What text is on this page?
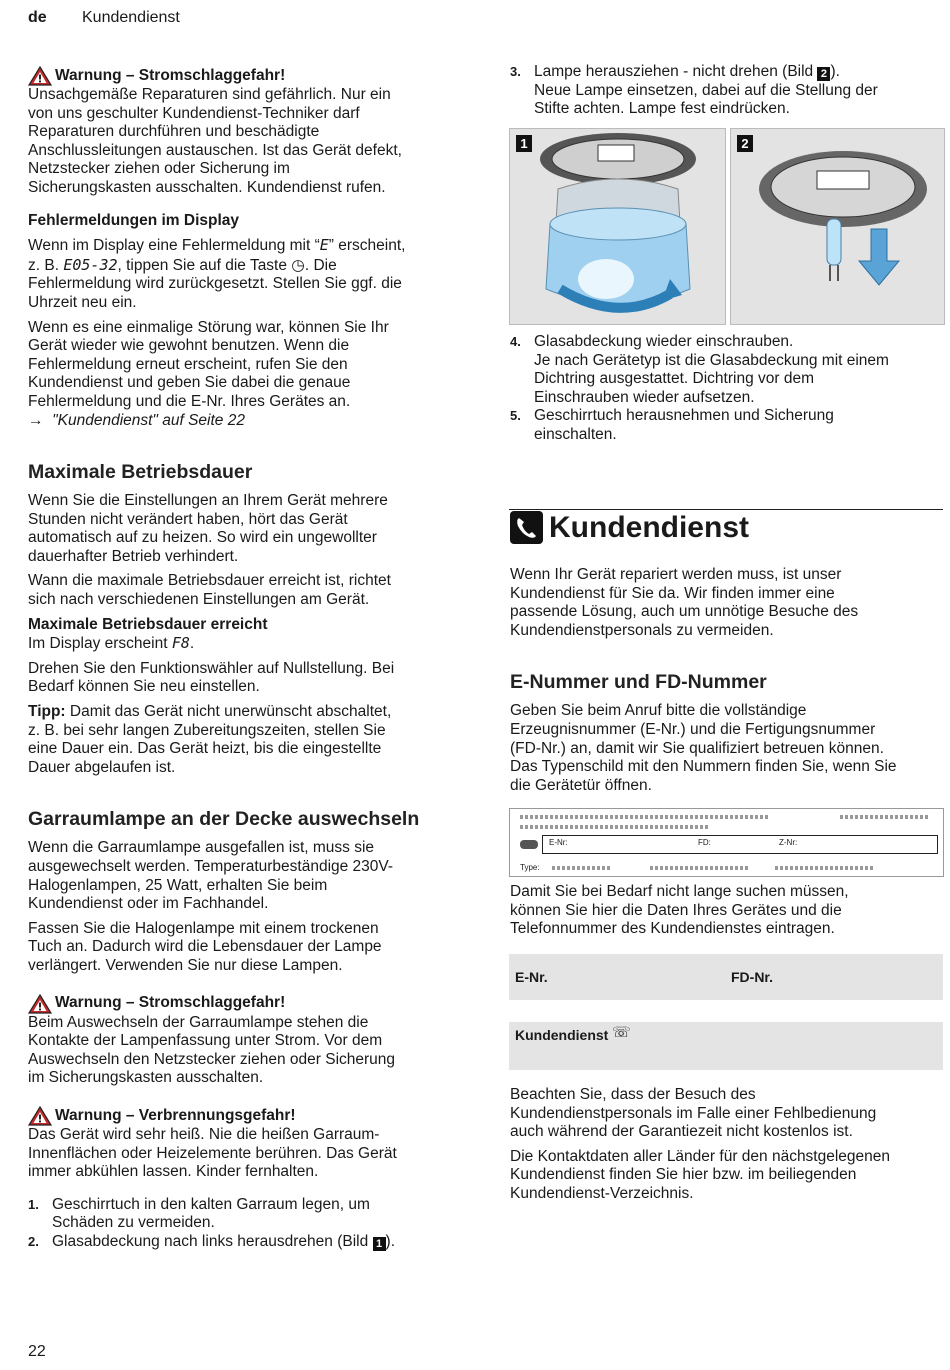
de Kundendienst
Warnung – Stromschlaggefahr!

Unsachgemäße Reparaturen sind gefährlich. Nur ein

von uns geschulter Kundendienst-Techniker darf

Reparaturen durchführen und beschädigte

Anschlussleitungen austauschen. Ist das Gerät defekt,

Netzstecker ziehen oder Sicherung im

Sicherungskasten ausschalten. Kundendienst rufen.

Fehlermeldungen im Display

Wenn im Display eine Fehlermeldung mit “E” erscheint,

z. B. E05-32, tippen Sie auf die Taste ◷. Die

Fehlermeldung wird zurückgesetzt. Stellen Sie ggf. die

Uhrzeit neu ein.

Wenn es eine einmalige Störung war, können Sie Ihr

Gerät wieder wie gewohnt benutzen. Wenn die

Fehlermeldung erneut erscheint, rufen Sie den

Kundendienst und geben Sie dabei die genaue

Fehlermeldung und die E-Nr. Ihres Gerätes an.

→ "Kundendienst" auf Seite 22

Maximale Betriebsdauer

Wenn Sie die Einstellungen an Ihrem Gerät mehrere

Stunden nicht verändert haben, hört das Gerät

automatisch auf zu heizen. So wird ein ungewollter

dauerhafter Betrieb verhindert.

Wann die maximale Betriebsdauer erreicht ist, richtet

sich nach verschiedenen Einstellungen am Gerät.

Maximale Betriebsdauer erreicht

Im Display erscheint F8.

Drehen Sie den Funktionswähler auf Nullstellung. Bei

Bedarf können Sie neu einstellen.

Tipp: Damit das Gerät nicht unerwünscht abschaltet,

z. B. bei sehr langen Zubereitungszeiten, stellen Sie

eine Dauer ein. Das Gerät heizt, bis die eingestellte

Dauer abgelaufen ist.

Garraumlampe an der Decke auswechseln

Wenn die Garraumlampe ausgefallen ist, muss sie

ausgewechselt werden. Temperaturbeständige 230V-

Halogenlampen, 25 Watt, erhalten Sie beim

Kundendienst oder im Fachhandel.

Fassen Sie die Halogenlampe mit einem trockenen

Tuch an. Dadurch wird die Lebensdauer der Lampe

verlängert. Verwenden Sie nur diese Lampen.

Warnung – Stromschlaggefahr!

Beim Auswechseln der Garraumlampe stehen die

Kontakte der Lampenfassung unter Strom. Vor dem

Auswechseln den Netzstecker ziehen oder Sicherung

im Sicherungskasten ausschalten.

Warnung – Verbrennungsgefahr!

Das Gerät wird sehr heiß. Nie die heißen Garraum-

Innenflächen oder Heizelemente berühren. Das Gerät

immer abkühlen lassen. Kinder fernhalten.

1. Geschirrtuch in den kalten Garraum legen, um

Schäden zu vermeiden.

2. Glasabdeckung nach links herausdrehen (Bild 1 ).

3. Lampe herausziehen - nicht drehen (Bild 2 ).

Neue Lampe einsetzen, dabei auf die Stellung der

Stifte achten. Lampe fest eindrücken.

1	2
4. Glasabdeckung wieder einschrauben.

Je nach Gerätetyp ist die Glasabdeckung mit einem

Dichtring ausgestattet. Dichtring vor dem

Einschrauben wieder aufsetzen.

5. Geschirrtuch herausnehmen und Sicherung

einschalten.

Kundendienst

Wenn Ihr Gerät repariert werden muss, ist unser

Kundendienst für Sie da. Wir finden immer eine

passende Lösung, auch um unnötige Besuche des

Kundendienstpersonals zu vermeiden.

E-Nummer und FD-Nummer

Geben Sie beim Anruf bitte die vollständige

Erzeugnisnummer (E-Nr.) und die Fertigungsnummer

(FD-Nr.) an, damit wir Sie qualifiziert betreuen können.

Das Typenschild mit den Nummern finden Sie, wenn Sie

die Gerätetür öffnen.

E-Nr:	FD:	Z-Nr:
Type:

Damit Sie bei Bedarf nicht lange suchen müssen,

können Sie hier die Daten Ihres Gerätes und die

Telefonnummer des Kundendienstes eintragen.

E-Nr.	FD-Nr.
Kundendienst ☏

Beachten Sie, dass der Besuch des

Kundendienstpersonals im Falle einer Fehlbedienung

auch während der Garantiezeit nicht kostenlos ist.

Die Kontaktdaten aller Länder für den nächstgelegenen

Kundendienst finden Sie hier bzw. im beiliegenden

Kundendienst-Verzeichnis.

22
